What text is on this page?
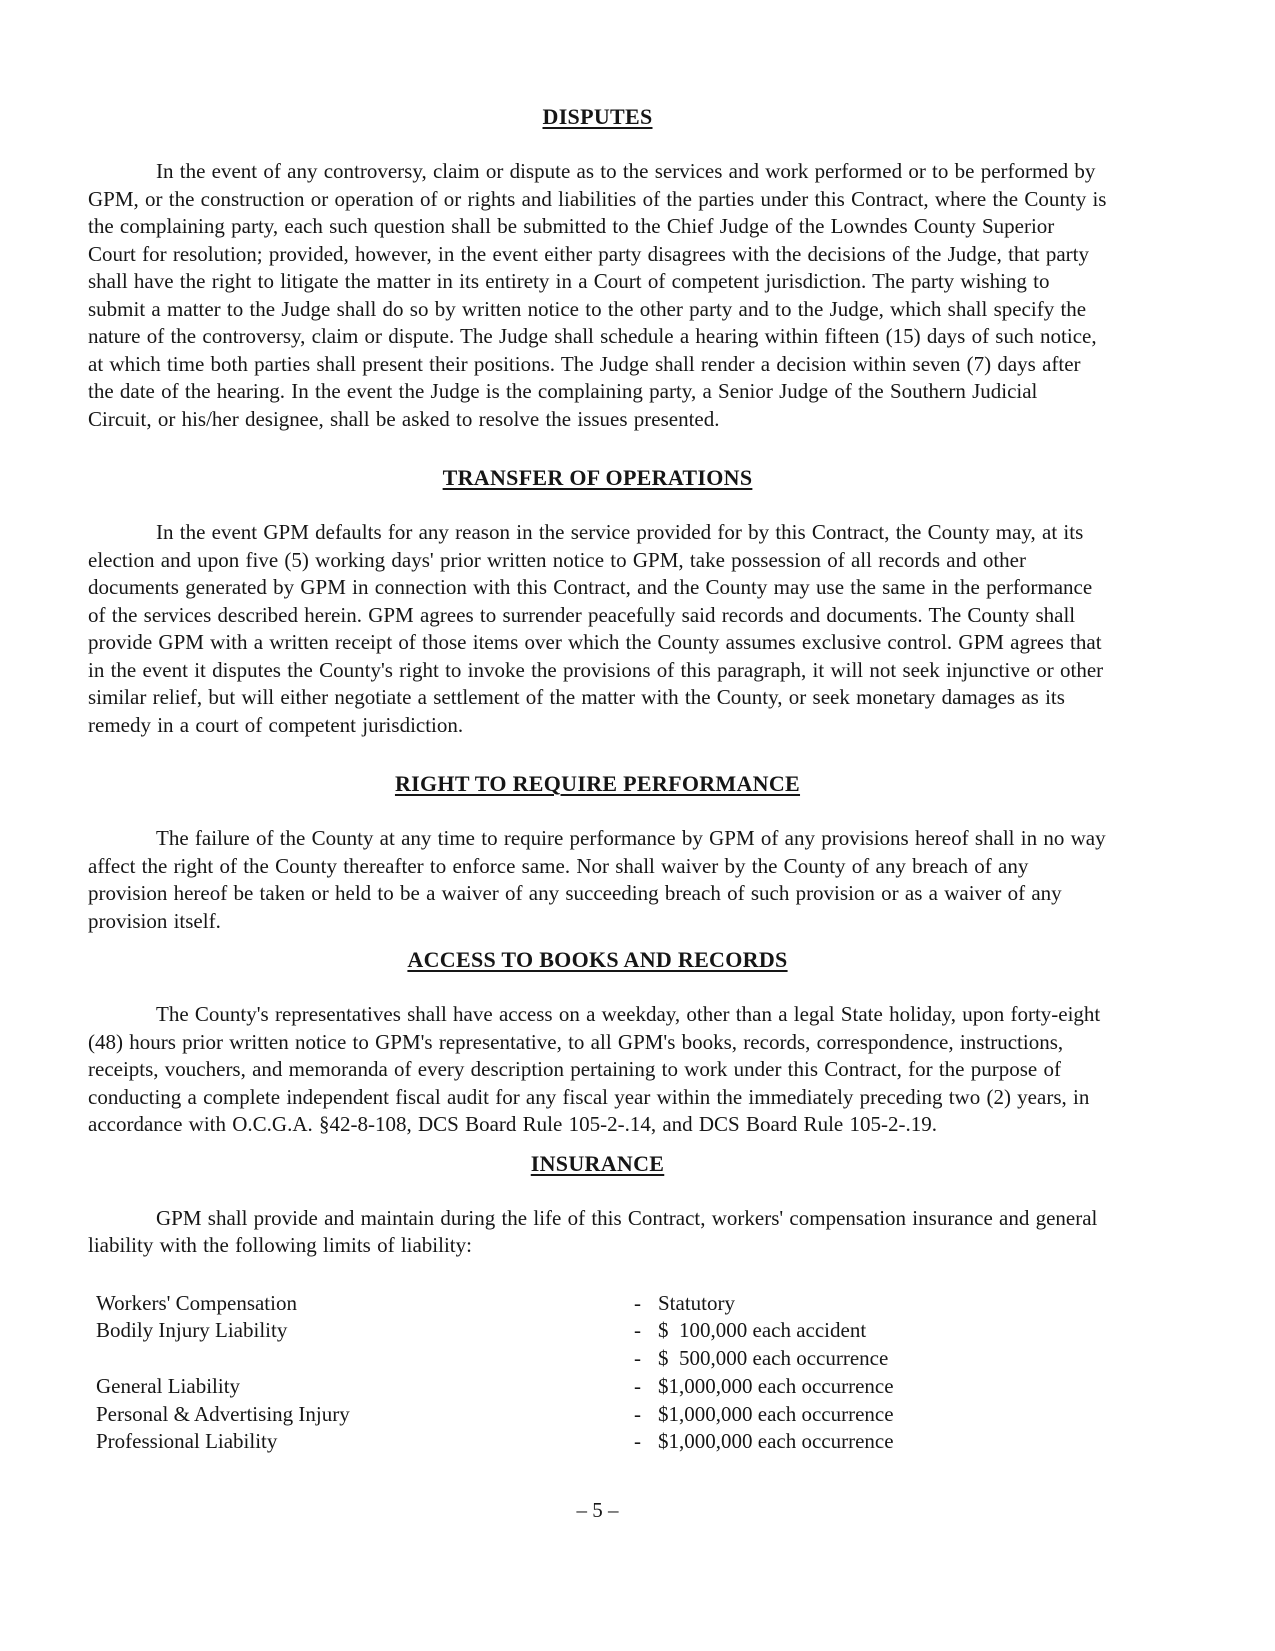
DISPUTES

In the event of any controversy, claim or dispute as to the services and work performed or to be performed by GPM, or the construction or operation of or rights and liabilities of the parties under this Contract, where the County is the complaining party, each such question shall be submitted to the Chief Judge of the Lowndes County Superior Court for resolution; provided, however, in the event either party disagrees with the decisions of the Judge, that party shall have the right to litigate the matter in its entirety in a Court of competent jurisdiction. The party wishing to submit a matter to the Judge shall do so by written notice to the other party and to the Judge, which shall specify the nature of the controversy, claim or dispute. The Judge shall schedule a hearing within fifteen (15) days of such notice, at which time both parties shall present their positions. The Judge shall render a decision within seven (7) days after the date of the hearing. In the event the Judge is the complaining party, a Senior Judge of the Southern Judicial Circuit, or his/her designee, shall be asked to resolve the issues presented.

TRANSFER OF OPERATIONS

In the event GPM defaults for any reason in the service provided for by this Contract, the County may, at its election and upon five (5) working days' prior written notice to GPM, take possession of all records and other documents generated by GPM in connection with this Contract, and the County may use the same in the performance of the services described herein. GPM agrees to surrender peacefully said records and documents. The County shall provide GPM with a written receipt of those items over which the County assumes exclusive control. GPM agrees that in the event it disputes the County's right to invoke the provisions of this paragraph, it will not seek injunctive or other similar relief, but will either negotiate a settlement of the matter with the County, or seek monetary damages as its remedy in a court of competent jurisdiction.

RIGHT TO REQUIRE PERFORMANCE

The failure of the County at any time to require performance by GPM of any provisions hereof shall in no way affect the right of the County thereafter to enforce same. Nor shall waiver by the County of any breach of any provision hereof be taken or held to be a waiver of any succeeding breach of such provision or as a waiver of any provision itself.

ACCESS TO BOOKS AND RECORDS

The County's representatives shall have access on a weekday, other than a legal State holiday, upon forty-eight (48) hours prior written notice to GPM's representative, to all GPM's books, records, correspondence, instructions, receipts, vouchers, and memoranda of every description pertaining to work under this Contract, for the purpose of conducting a complete independent fiscal audit for any fiscal year within the immediately preceding two (2) years, in accordance with O.C.G.A. §42-8-108, DCS Board Rule 105-2-.14, and DCS Board Rule 105-2-.19.

INSURANCE

GPM shall provide and maintain during the life of this Contract, workers' compensation insurance and general liability with the following limits of liability:

Workers' Compensation	- Statutory
Bodily Injury Liability	- $  100,000 each accident

- $  500,000 each occurrence
General Liability	- $1,000,000 each occurrence
Personal & Advertising Injury	- $1,000,000 each occurrence
Professional Liability	- $1,000,000 each occurrence
– 5 –
